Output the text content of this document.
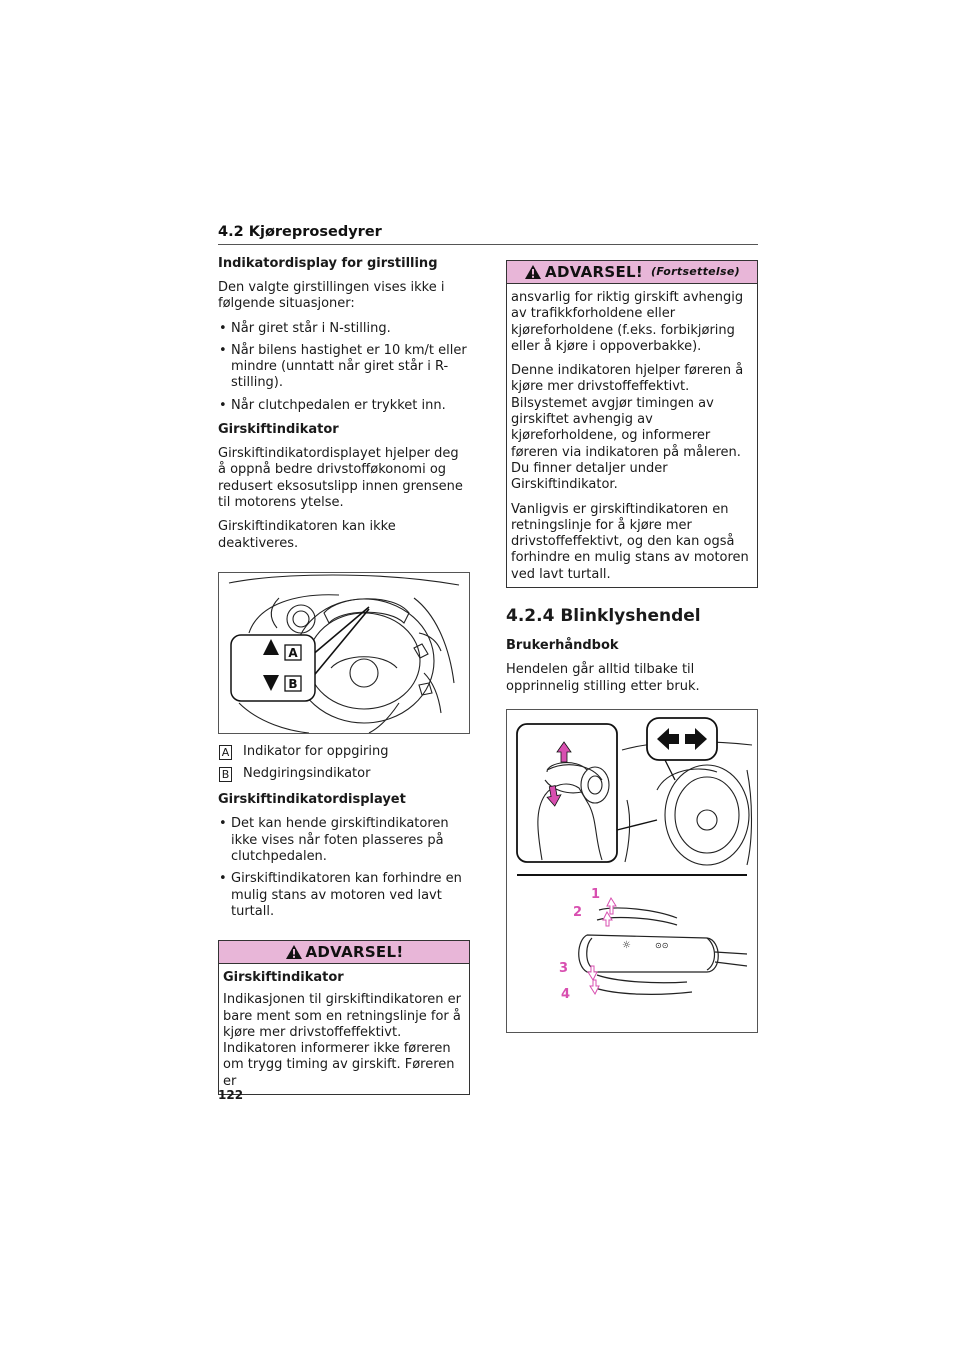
4.2 Kjøreprosedyrer
Indikatordisplay for girstilling

Den valgte girstillingen vises ikke i følgende situasjoner:

• Når giret står i N-stilling.
• Når bilens hastighet er 10 km/t eller mindre (unntatt når giret står i R-stilling).
• Når clutchpedalen er trykket inn.
Girskiftindikator

Girskiftindikatordisplayet hjelper deg å oppnå bedre drivstofføkonomi og redusert eksosutslipp innen grensene til motorens ytelse.

Girskiftindikatoren kan ikke deaktiveres.

A
B
A Indikator for oppgiring
B Nedgiringsindikator
Girskiftindikatordisplayet
• Det kan hende girskiftindikatoren ikke vises når foten plasseres på clutchpedalen.
• Girskiftindikatoren kan forhindre en mulig stans av motoren ved lavt turtall.
ADVARSEL!
Girskiftindikator

Indikasjonen til girskiftindikatoren er bare ment som en retningslinje for å kjøre mer drivstoffeffektivt. Indikatoren informerer ikke føreren om trygg timing av girskift. Føreren er

ADVARSEL! (Fortsettelse)

ansvarlig for riktig girskift avhengig av trafikkforholdene eller kjøreforholdene (f.eks. forbikjøring eller å kjøre i oppoverbakke).

Denne indikatoren hjelper føreren å kjøre mer drivstoffeffektivt. Bilsystemet avgjør timingen av girskiftet avhengig av kjøreforholdene, og informerer føreren via indikatoren på måleren. Du finner detaljer under Girskiftindikator.

Vanligvis er girskiftindikatoren en retningslinje for å kjøre mer drivstoffeffektivt, og den kan også forhindre en mulig stans av motoren ved lavt turtall.

4.2.4 Blinklyshendel
Brukerhåndbok

Hendelen går alltid tilbake til opprinnelig stilling etter bruk.

☼	⊙⊙
1
2
3
4
122
